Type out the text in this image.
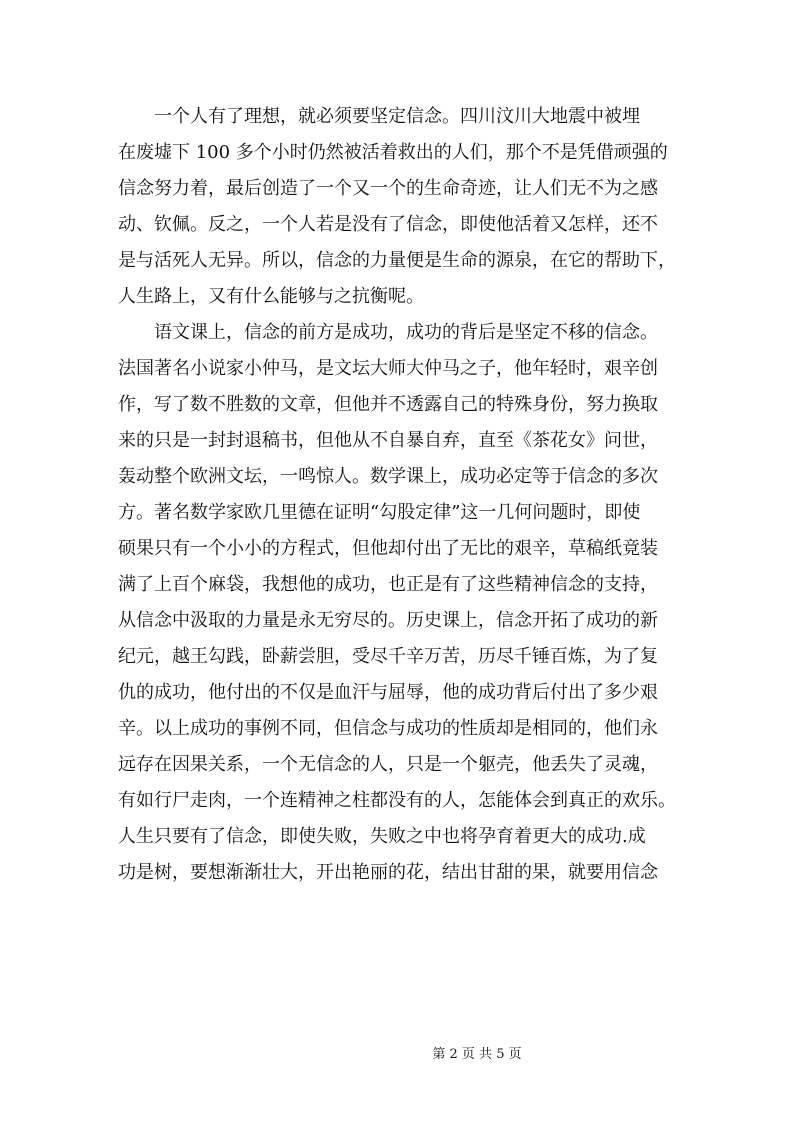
　　一个人有了理想，就必须要坚定信念。四川汶川大地震中被埋
在废墟下 100 多个小时仍然被活着救出的人们，那个不是凭借顽强的
信念努力着，最后创造了一个又一个的生命奇迹，让人们无不为之感
动、钦佩。反之，一个人若是没有了信念，即使他活着又怎样，还不
是与活死人无异。所以，信念的力量便是生命的源泉，在它的帮助下，
人生路上，又有什么能够与之抗衡呢。
　　语文课上，信念的前方是成功，成功的背后是坚定不移的信念。
法国著名小说家小仲马，是文坛大师大仲马之子，他年轻时，艰辛创
作，写了数不胜数的文章，但他并不透露自己的特殊身份，努力换取
来的只是一封封退稿书，但他从不自暴自弃，直至《茶花女》问世，
轰动整个欧洲文坛，一鸣惊人。数学课上，成功必定等于信念的多次
方。著名数学家欧几里德在证明“勾股定律”这一几何问题时，即使
硕果只有一个小小的方程式，但他却付出了无比的艰辛，草稿纸竟装
满了上百个麻袋，我想他的成功，也正是有了这些精神信念的支持，
从信念中汲取的力量是永无穷尽的。历史课上，信念开拓了成功的新
纪元，越王勾践，卧薪尝胆，受尽千辛万苦，历尽千锤百炼，为了复
仇的成功，他付出的不仅是血汗与屈辱，他的成功背后付出了多少艰
辛。以上成功的事例不同，但信念与成功的性质却是相同的，他们永
远存在因果关系，一个无信念的人，只是一个躯壳，他丢失了灵魂，
有如行尸走肉，一个连精神之柱都没有的人，怎能体会到真正的欢乐。
人生只要有了信念，即使失败，失败之中也将孕育着更大的成功.成
功是树，要想渐渐壮大，开出艳丽的花，结出甘甜的果，就要用信念
第 2 页 共 5 页
